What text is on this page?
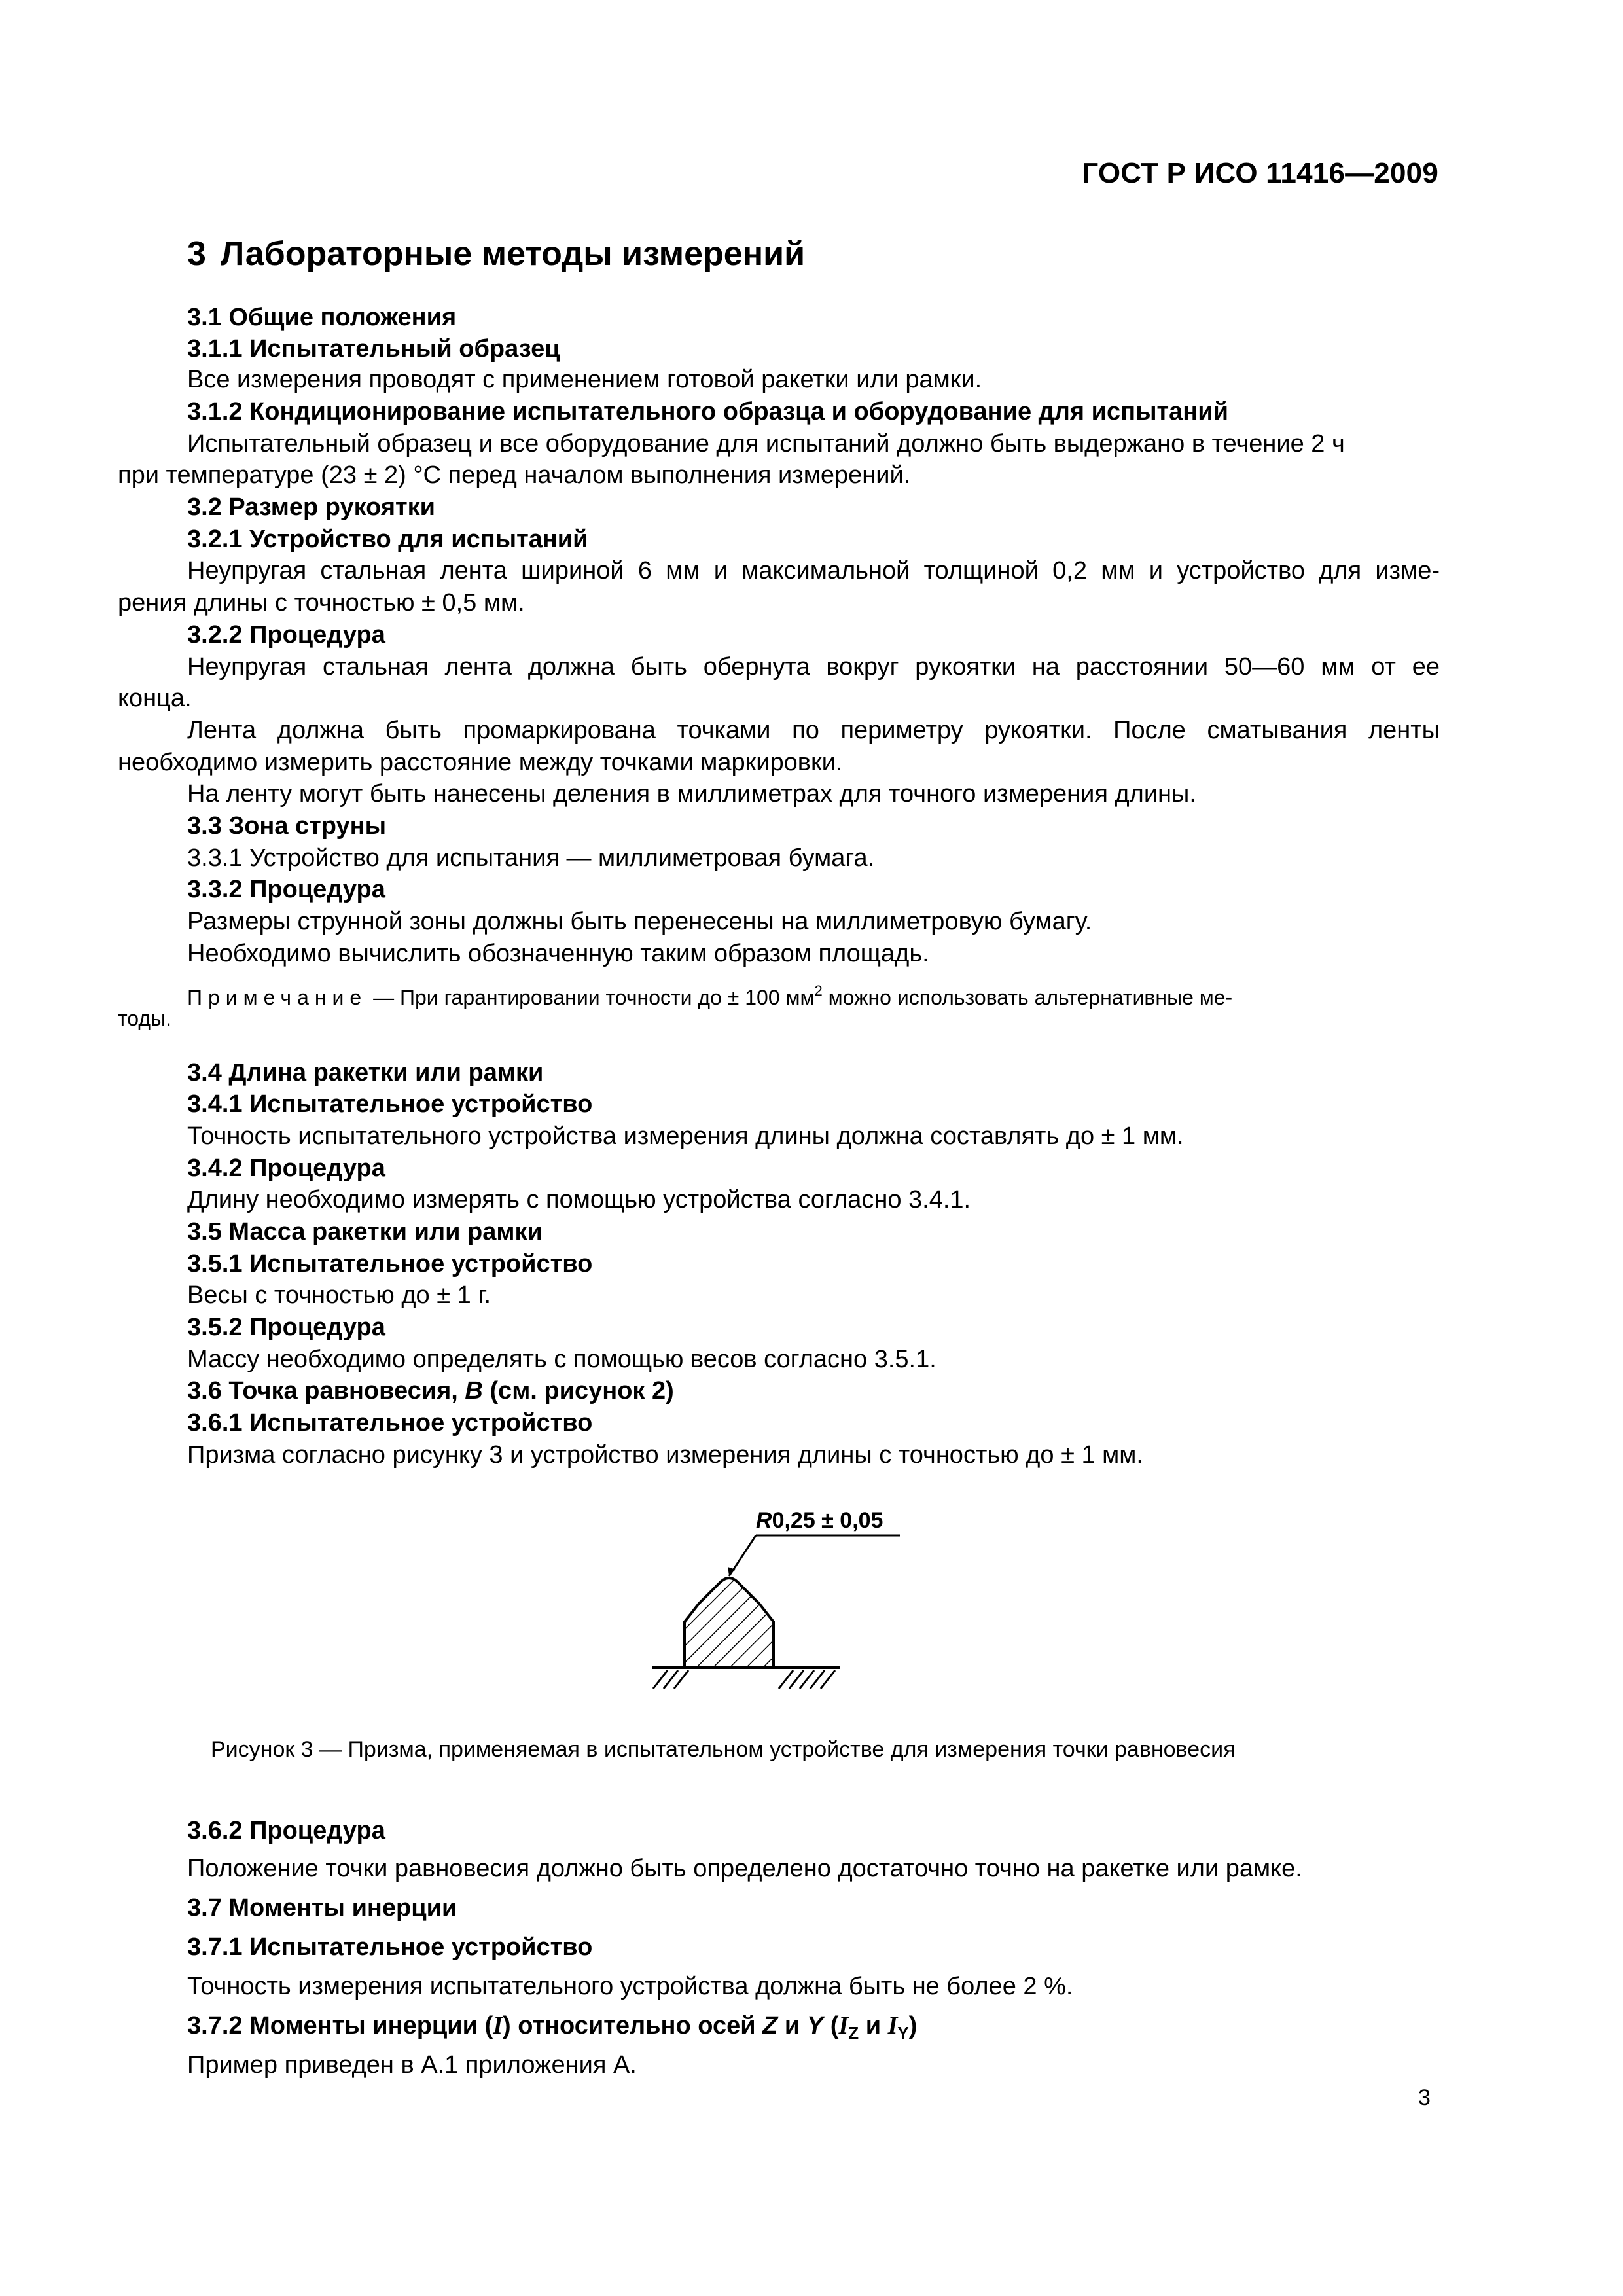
ГОСТ Р ИСО 11416—2009
3 Лабораторные методы измерений

3.1 Общие положения

3.1.1 Испытательный образец

Все измерения проводят с применением готовой ракетки или рамки.

3.1.2 Кондиционирование испытательного образца и оборудование для испытаний

Испытательный образец и все оборудование для испытаний должно быть выдержано в течение 2 ч

при температуре (23 ± 2) °С перед началом выполнения измерений.

3.2 Размер рукоятки

3.2.1 Устройство для испытаний

Неупругая стальная лента шириной 6 мм и максимальной толщиной 0,2 мм и устройство для изме-

рения длины с точностью ± 0,5 мм.

3.2.2 Процедура

Неупругая стальная лента должна быть обернута вокруг рукоятки на расстоянии 50—60 мм от ее

конца.

Лента должна быть промаркирована точками по периметру рукоятки. После сматывания ленты

необходимо измерить расстояние между точками маркировки.

На ленту могут быть нанесены деления в миллиметрах для точного измерения длины.

3.3 Зона струны

3.3.1 Устройство для испытания — миллиметровая бумага.

3.3.2 Процедура

Размеры струнной зоны должны быть перенесены на миллиметровую бумагу.

Необходимо вычислить обозначенную таким образом площадь.

Примечание — При гарантировании точности до ± 100 $мм^2$ можно использовать альтернативные ме-

тоды.

3.4 Длина ракетки или рамки

3.4.1 Испытательное устройство

Точность испытательного устройства измерения длины должна составлять до ± 1 мм.

3.4.2 Процедура

Длину необходимо измерять с помощью устройства согласно 3.4.1.

3.5 Масса ракетки или рамки

3.5.1 Испытательное устройство

Весы с точностью до ± 1 г.

3.5.2 Процедура

Массу необходимо определять с помощью весов согласно 3.5.1.

3.6 Точка равновесия, B (см. рисунок 2)

3.6.1 Испытательное устройство

Призма согласно рисунку 3 и устройство измерения длины с точностью до ± 1 мм.

R0,25 ± 0,05

Рисунок 3 — Призма, применяемая в испытательном устройстве для измерения точки равновесия

3.6.2 Процедура

Положение точки равновесия должно быть определено достаточно точно на ракетке или рамке.

3.7 Моменты инерции

3.7.1 Испытательное устройство

Точность измерения испытательного устройства должна быть не более 2 %.

3.7.2 Моменты инерции (I) относительно осей Z и Y ($I_Z$ и $I_Y$)

Пример приведен в А.1 приложения А.

3
